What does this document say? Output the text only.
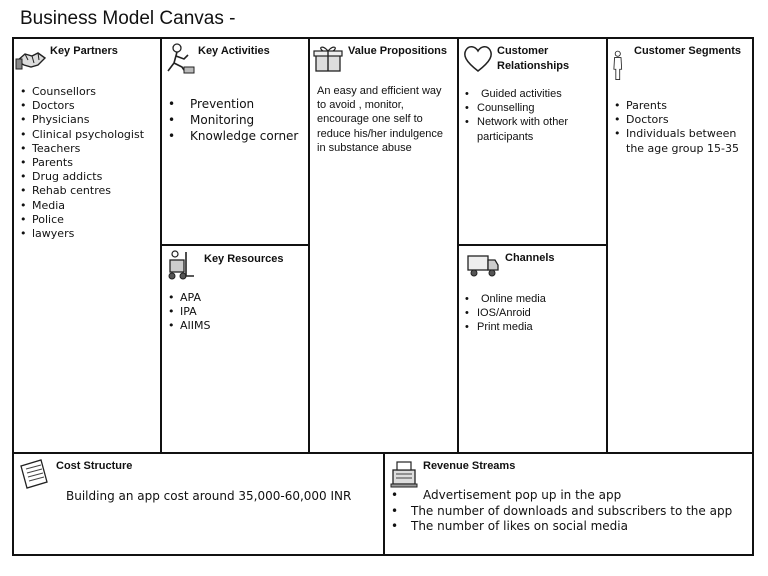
Business Model Canvas -
Key Partners
• Counsellors
• Doctors
• Physicians
• Clinical psychologist
• Teachers
• Parents
• Drug addicts
• Rehab centres
• Media
• Police
• lawyers
Key Activities
• Prevention
• Monitoring
• Knowledge corner
Key Resources
• APA
• IPA
• AIIMS
Value Propositions
An easy and efficient way to avoid , monitor, encourage one self to reduce his/her indulgence in substance abuse
Customer
Relationships
• Guided activities
• Counselling
• Network with other participants
Channels
• Online media
• IOS/Anroid
• Print media
Customer Segments
• Parents
• Doctors
• Individuals between the age group 15-35
Cost Structure
Building an app cost around 35,000-60,000 INR
Revenue Streams
• Advertisement pop up in the app
• The number of downloads and subscribers to the app
• The number of likes on social media
